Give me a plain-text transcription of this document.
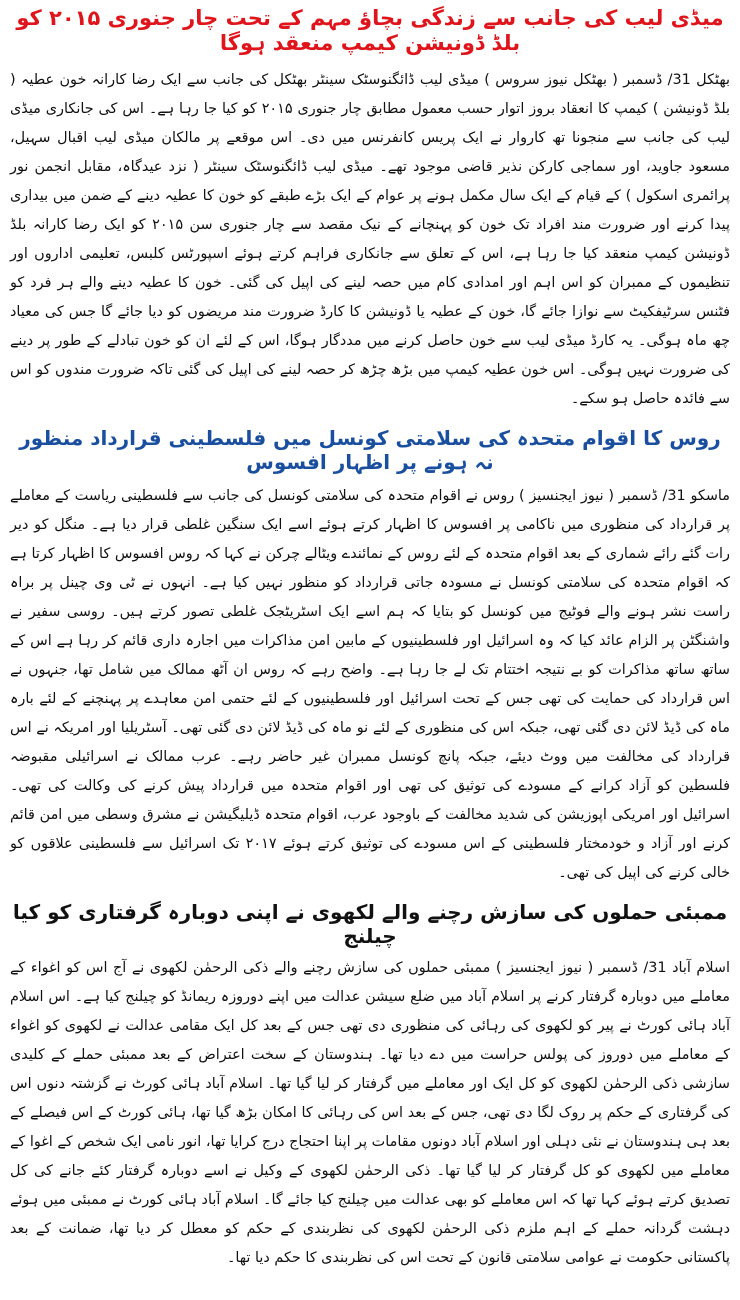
میڈی لیب کی جانب سے زندگی بچاؤ مہم کے تحت چار جنوری ۲۰۱۵ کو بلڈ ڈونیشن کیمپ منعقد ہوگا

بھٹکل 31/ ڈسمبر ( بھٹکل نیوز سروس ) میڈی لیب ڈائگنوسٹک سینٹر بھٹکل کی جانب سے ایک رضا کارانہ خون عطیہ ( بلڈ ڈونیشن ) کیمپ کا انعقاد بروز اتوار حسب معمول مطابق چار جنوری ۲۰۱۵ کو کیا جا رہا ہے۔ اس کی جانکاری میڈی لیب کی جانب سے منجونا تھ کاروار نے ایک پریس کانفرنس میں دی۔ اس موقعے پر مالکان میڈی لیب اقبال سہیل، مسعود جاوید، اور سماجی کارکن نذیر قاضی موجود تھے۔ میڈی لیب ڈائگنوسٹک سینٹر ( نزد عیدگاہ، مقابل انجمن نور پرائمری اسکول ) کے قیام کے ایک سال مکمل ہونے پر عوام کے ایک بڑے طبقے کو خون کا عطیہ دینے کے ضمن میں بیداری پیدا کرنے اور ضرورت مند افراد تک خون کو پہنچانے کے نیک مقصد سے چار جنوری سن ۲۰۱۵ کو ایک رضا کارانہ بلڈ ڈونیشن کیمپ منعقد کیا جا رہا ہے، اس کے تعلق سے جانکاری فراہم کرتے ہوئے اسپورٹس کلبس، تعلیمی اداروں اور تنظیموں کے ممبران کو اس اہم اور امدادی کام میں حصہ لینے کی اپیل کی گئی۔ خون کا عطیہ دینے والے ہر فرد کو فٹنس سرٹیفکیٹ سے نوازا جائے گا، خون کے عطیہ یا ڈونیشن کا کارڈ ضرورت مند مریضوں کو دیا جائے گا جس کی معیاد چھ ماہ ہوگی۔ یہ کارڈ میڈی لیب سے خون حاصل کرنے میں مددگار ہوگا، اس کے لئے ان کو خون تبادلے کے طور پر دینے کی ضرورت نہیں ہوگی۔ اس خون عطیہ کیمپ میں بڑھ چڑھ کر حصہ لینے کی اپیل کی گئی تاکہ ضرورت مندوں کو اس سے فائدہ حاصل ہو سکے۔

روس کا اقوام متحدہ کی سلامتی کونسل میں فلسطینی قرارداد منظور نہ ہونے پر اظہار افسوس

ماسکو 31/ ڈسمبر ( نیوز ایجنسیز ) روس نے اقوام متحدہ کی سلامتی کونسل کی جانب سے فلسطینی ریاست کے معاملے پر قرارداد کی منظوری میں ناکامی پر افسوس کا اظہار کرتے ہوئے اسے ایک سنگین غلطی قرار دیا ہے۔ منگل کو دیر رات گئے رائے شماری کے بعد اقوام متحدہ کے لئے روس کے نمائندے ویٹالے چرکن نے کہا کہ روس افسوس کا اظہار کرتا ہے کہ اقوام متحدہ کی سلامتی کونسل نے مسودہ جاتی قرارداد کو منظور نہیں کیا ہے۔ انہوں نے ٹی وی چینل پر براہ راست نشر ہونے والے فوٹیج میں کونسل کو بتایا کہ ہم اسے ایک اسٹریٹجک غلطی تصور کرتے ہیں۔ روسی سفیر نے واشنگٹن پر الزام عائد کیا کہ وہ اسرائیل اور فلسطینیوں کے مابین امن مذاکرات میں اجارہ داری قائم کر رہا ہے اس کے ساتھ ساتھ مذاکرات کو بے نتیجہ اختتام تک لے جا رہا ہے۔ واضح رہے کہ روس ان آٹھ ممالک میں شامل تھا، جنہوں نے اس قرارداد کی حمایت کی تھی جس کے تحت اسرائیل اور فلسطینیوں کے لئے حتمی امن معاہدے پر پہنچنے کے لئے بارہ ماہ کی ڈیڈ لائن دی گئی تھی، جبکہ اس کی منظوری کے لئے نو ماہ کی ڈیڈ لائن دی گئی تھی۔ آسٹریلیا اور امریکہ نے اس قرارداد کی مخالفت میں ووٹ دیئے، جبکہ پانچ کونسل ممبران غیر حاضر رہے۔ عرب ممالک نے اسرائیلی مقبوضہ فلسطین کو آزاد کرانے کے مسودے کی توثیق کی تھی اور اقوام متحدہ میں قرارداد پیش کرنے کی وکالت کی تھی۔ اسرائیل اور امریکی اپوزیشن کی شدید مخالفت کے باوجود عرب، اقوام متحدہ ڈیلیگیشن نے مشرق وسطی میں امن قائم کرنے اور آزاد و خودمختار فلسطینی کے اس مسودے کی توثیق کرتے ہوئے ۲۰۱۷ تک اسرائیل سے فلسطینی علاقوں کو خالی کرنے کی اپیل کی تھی۔

ممبئی حملوں کی سازش رچنے والے لکھوی نے اپنی دوبارہ گرفتاری کو کیا چیلنج

اسلام آباد 31/ ڈسمبر ( نیوز ایجنسیز ) ممبئی حملوں کی سازش رچنے والے ذکی الرحمٰن لکھوی نے آج اس کو اغواء کے معاملے میں دوبارہ گرفتار کرنے پر اسلام آباد میں ضلع سیشن عدالت میں اپنے دوروزہ ریمانڈ کو چیلنج کیا ہے۔ اس اسلام آباد ہائی کورٹ نے پیر کو لکھوی کی رہائی کی منظوری دی تھی جس کے بعد کل ایک مقامی عدالت نے لکھوی کو اغواء کے معاملے میں دوروز کی پولس حراست میں دے دیا تھا۔ ہندوستان کے سخت اعتراض کے بعد ممبئی حملے کے کلیدی سازشی ذکی الرحمٰن لکھوی کو کل ایک اور معاملے میں گرفتار کر لیا گیا تھا۔ اسلام آباد ہائی کورٹ نے گزشتہ دنوں اس کی گرفتاری کے حکم پر روک لگا دی تھی، جس کے بعد اس کی رہائی کا امکان بڑھ گیا تھا، ہائی کورٹ کے اس فیصلے کے بعد ہی ہندوستان نے نئی دہلی اور اسلام آباد دونوں مقامات پر اپنا احتجاج درج کرایا تھا، انور نامی ایک شخص کے اغوا کے معاملے میں لکھوی کو کل گرفتار کر لیا گیا تھا۔ ذکی الرحمٰن لکھوی کے وکیل نے اسے دوبارہ گرفتار کئے جانے کی کل تصدیق کرتے ہوئے کہا تھا کہ اس معاملے کو بھی عدالت میں چیلنج کیا جائے گا۔ اسلام آباد ہائی کورٹ نے ممبئی میں ہوئے دہشت گردانہ حملے کے اہم ملزم ذکی الرحمٰن لکھوی کی نظربندی کے حکم کو معطل کر دیا تھا، ضمانت کے بعد پاکستانی حکومت نے عوامی سلامتی قانون کے تحت اس کی نظربندی کا حکم دیا تھا۔
